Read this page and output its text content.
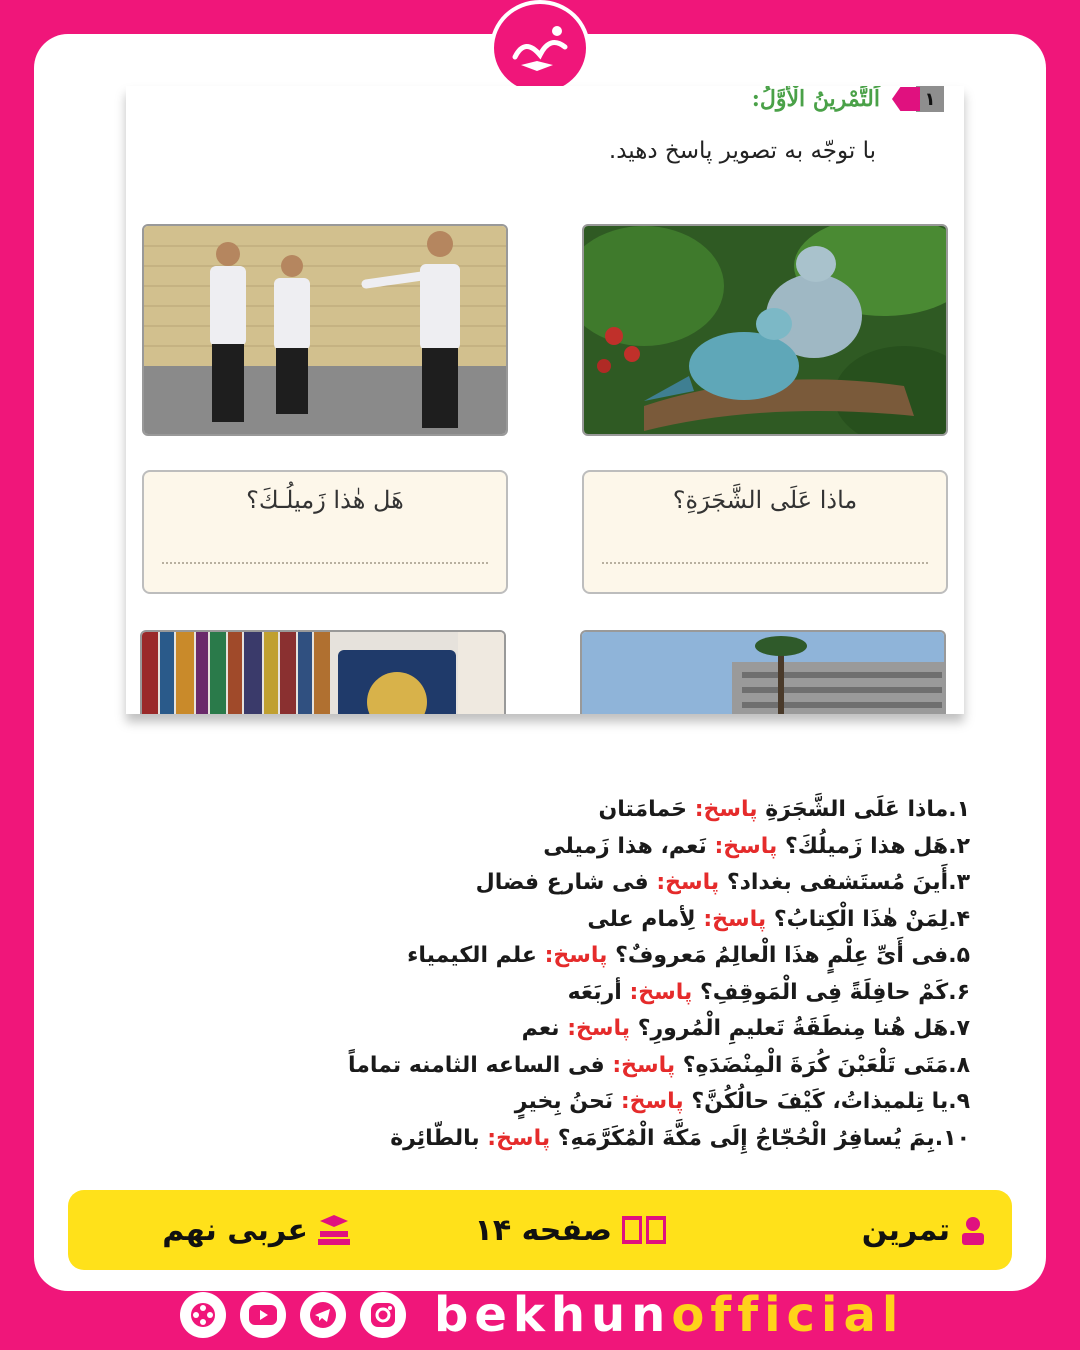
١
اَلتَّمْرينُ الْأَوَّلُ:
با توجّه به تصوير پاسخ دهيد.
ماذا عَلَى الشَّجَرَةِ؟
هَل هٰذا زَميلُـكَ؟
١.ماذا عَلَى الشَّجَرَةِ پاسخ: حَمامَتان
٢.هَل هذا زَميلُكَ؟ پاسخ: نَعم، هذا زَميلی
٣.أَينَ مُستَشفى بغداد؟ پاسخ: فی شارع فضال
۴.لِمَنْ هٰذَا الْكِتابُ؟ پاسخ: لِأمام علی
۵.فی أَیِّ عِلْمٍ هذَا الْعالِمُ مَعروفٌ؟ پاسخ: علم الکیمیاء
۶.کَمْ حافِلَةً فِی الْمَوقِفِ؟ پاسخ: أربَعَه
٧.هَل هُنا مِنطَقَةُ تَعليمِ الْمُرورِ؟ پاسخ: نعم
٨.مَتَى تَلْعَبْنَ کُرَةَ الْمِنْضَدَهِ؟ پاسخ: فی الساعه الثامنه تماماً
٩.یا تِلمیذاتُ، کَیْفَ حالُکُنَّ؟ پاسخ: نَحنُ بِخیرٍ
١٠.بِمَ یُسافِرُ الْحُجّاجُ إِلَى مَکَّةَ الْمُکَرَّمَهِ؟ پاسخ: بالطّائِرة
تمرین
صفحه ۱۴
عربی نهم
bekhunofficial
